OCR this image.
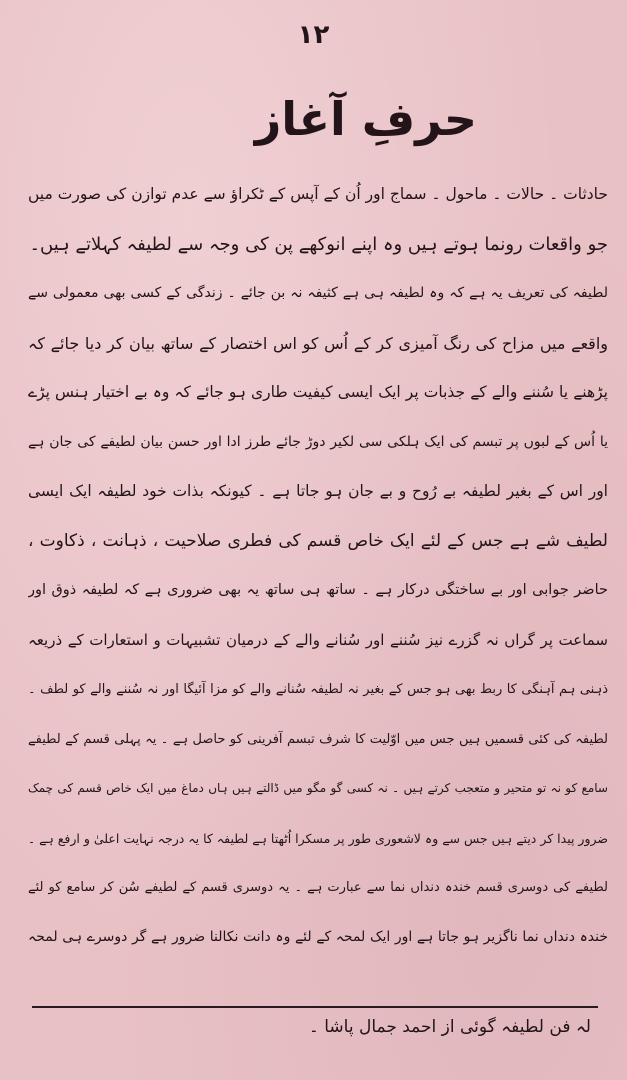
۱۲
حرفِ آغاز
حادثات ۔ حالات ۔ ماحول ۔ سماج اور اُن کے آپس کے ٹکراؤ سے عدم توازن کی صورت میں
جو واقعات رونما ہوتے ہیں وہ اپنے انوکھے پن کی وجہ سے لطیفہ کہلاتے ہیں۔
لطیفہ کی تعریف یہ ہے کہ وہ لطیفہ ہی ہے کثیفہ نہ بن جائے ۔ زندگی کے کسی بھی معمولی سے
واقعے میں مزاح کی رنگ آمیزی کر کے اُس کو اس اختصار کے ساتھ بیان کر دیا جائے کہ
پڑھنے یا سُننے والے کے جذبات پر ایک ایسی کیفیت طاری ہو جائے کہ وہ بے اختیار ہنس پڑے
یا اُس کے لبوں پر تبسم کی ایک ہلکی سی لکیر دوڑ جائے طرز ادا اور حسن بیان لطیفے کی جان ہے
اور اس کے بغیر لطیفہ بے رُوح و بے جان ہو جاتا ہے ۔ کیونکہ بذات خود لطیفہ ایک ایسی
لطیف شے ہے جس کے لئے ایک خاص قسم کی فطری صلاحیت ، ذہانت ، ذکاوت ،
حاضر جوابی اور بے ساختگی درکار ہے ۔ ساتھ ہی ساتھ یہ بھی ضروری ہے کہ لطیفہ ذوق اور
سماعت پر گراں نہ گزرے نیز سُننے اور سُنانے والے کے درمیان تشبیہات و استعارات کے ذریعہ
ذہنی ہم آہنگی کا ربط بھی ہو جس کے بغیر نہ لطیفہ سُنانے والے کو مزا آئیگا اور نہ سُننے والے کو لطف ۔
لطیفہ کی کئی قسمیں ہیں جس میں اوّلیت کا شرف تبسم آفرینی کو حاصل ہے ۔ یہ پہلی قسم کے لطیفے
سامع کو نہ تو متحیر و متعجب کرتے ہیں ۔ نہ کسی گو مگو میں ڈالتے ہیں ہاں دماغ میں ایک خاص قسم کی چمک
ضرور پیدا کر دیتے ہیں جس سے وہ لاشعوری طور پر مسکرا اُٹھتا ہے لطیفہ کا یہ درجہ نہایت اعلیٰ و ارفع ہے ۔
لطیفے کی دوسری قسم خندہ دنداں نما سے عبارت ہے ۔ یہ دوسری قسم کے لطیفے سُن کر سامع کو لئے
خندہ دنداں نما ناگزیر ہو جاتا ہے اور ایک لمحہ کے لئے وہ دانت نکالنا ضرور ہے گر دوسرے ہی لمحہ
لہ فن لطیفہ گوئی از احمد جمال پاشا ۔
